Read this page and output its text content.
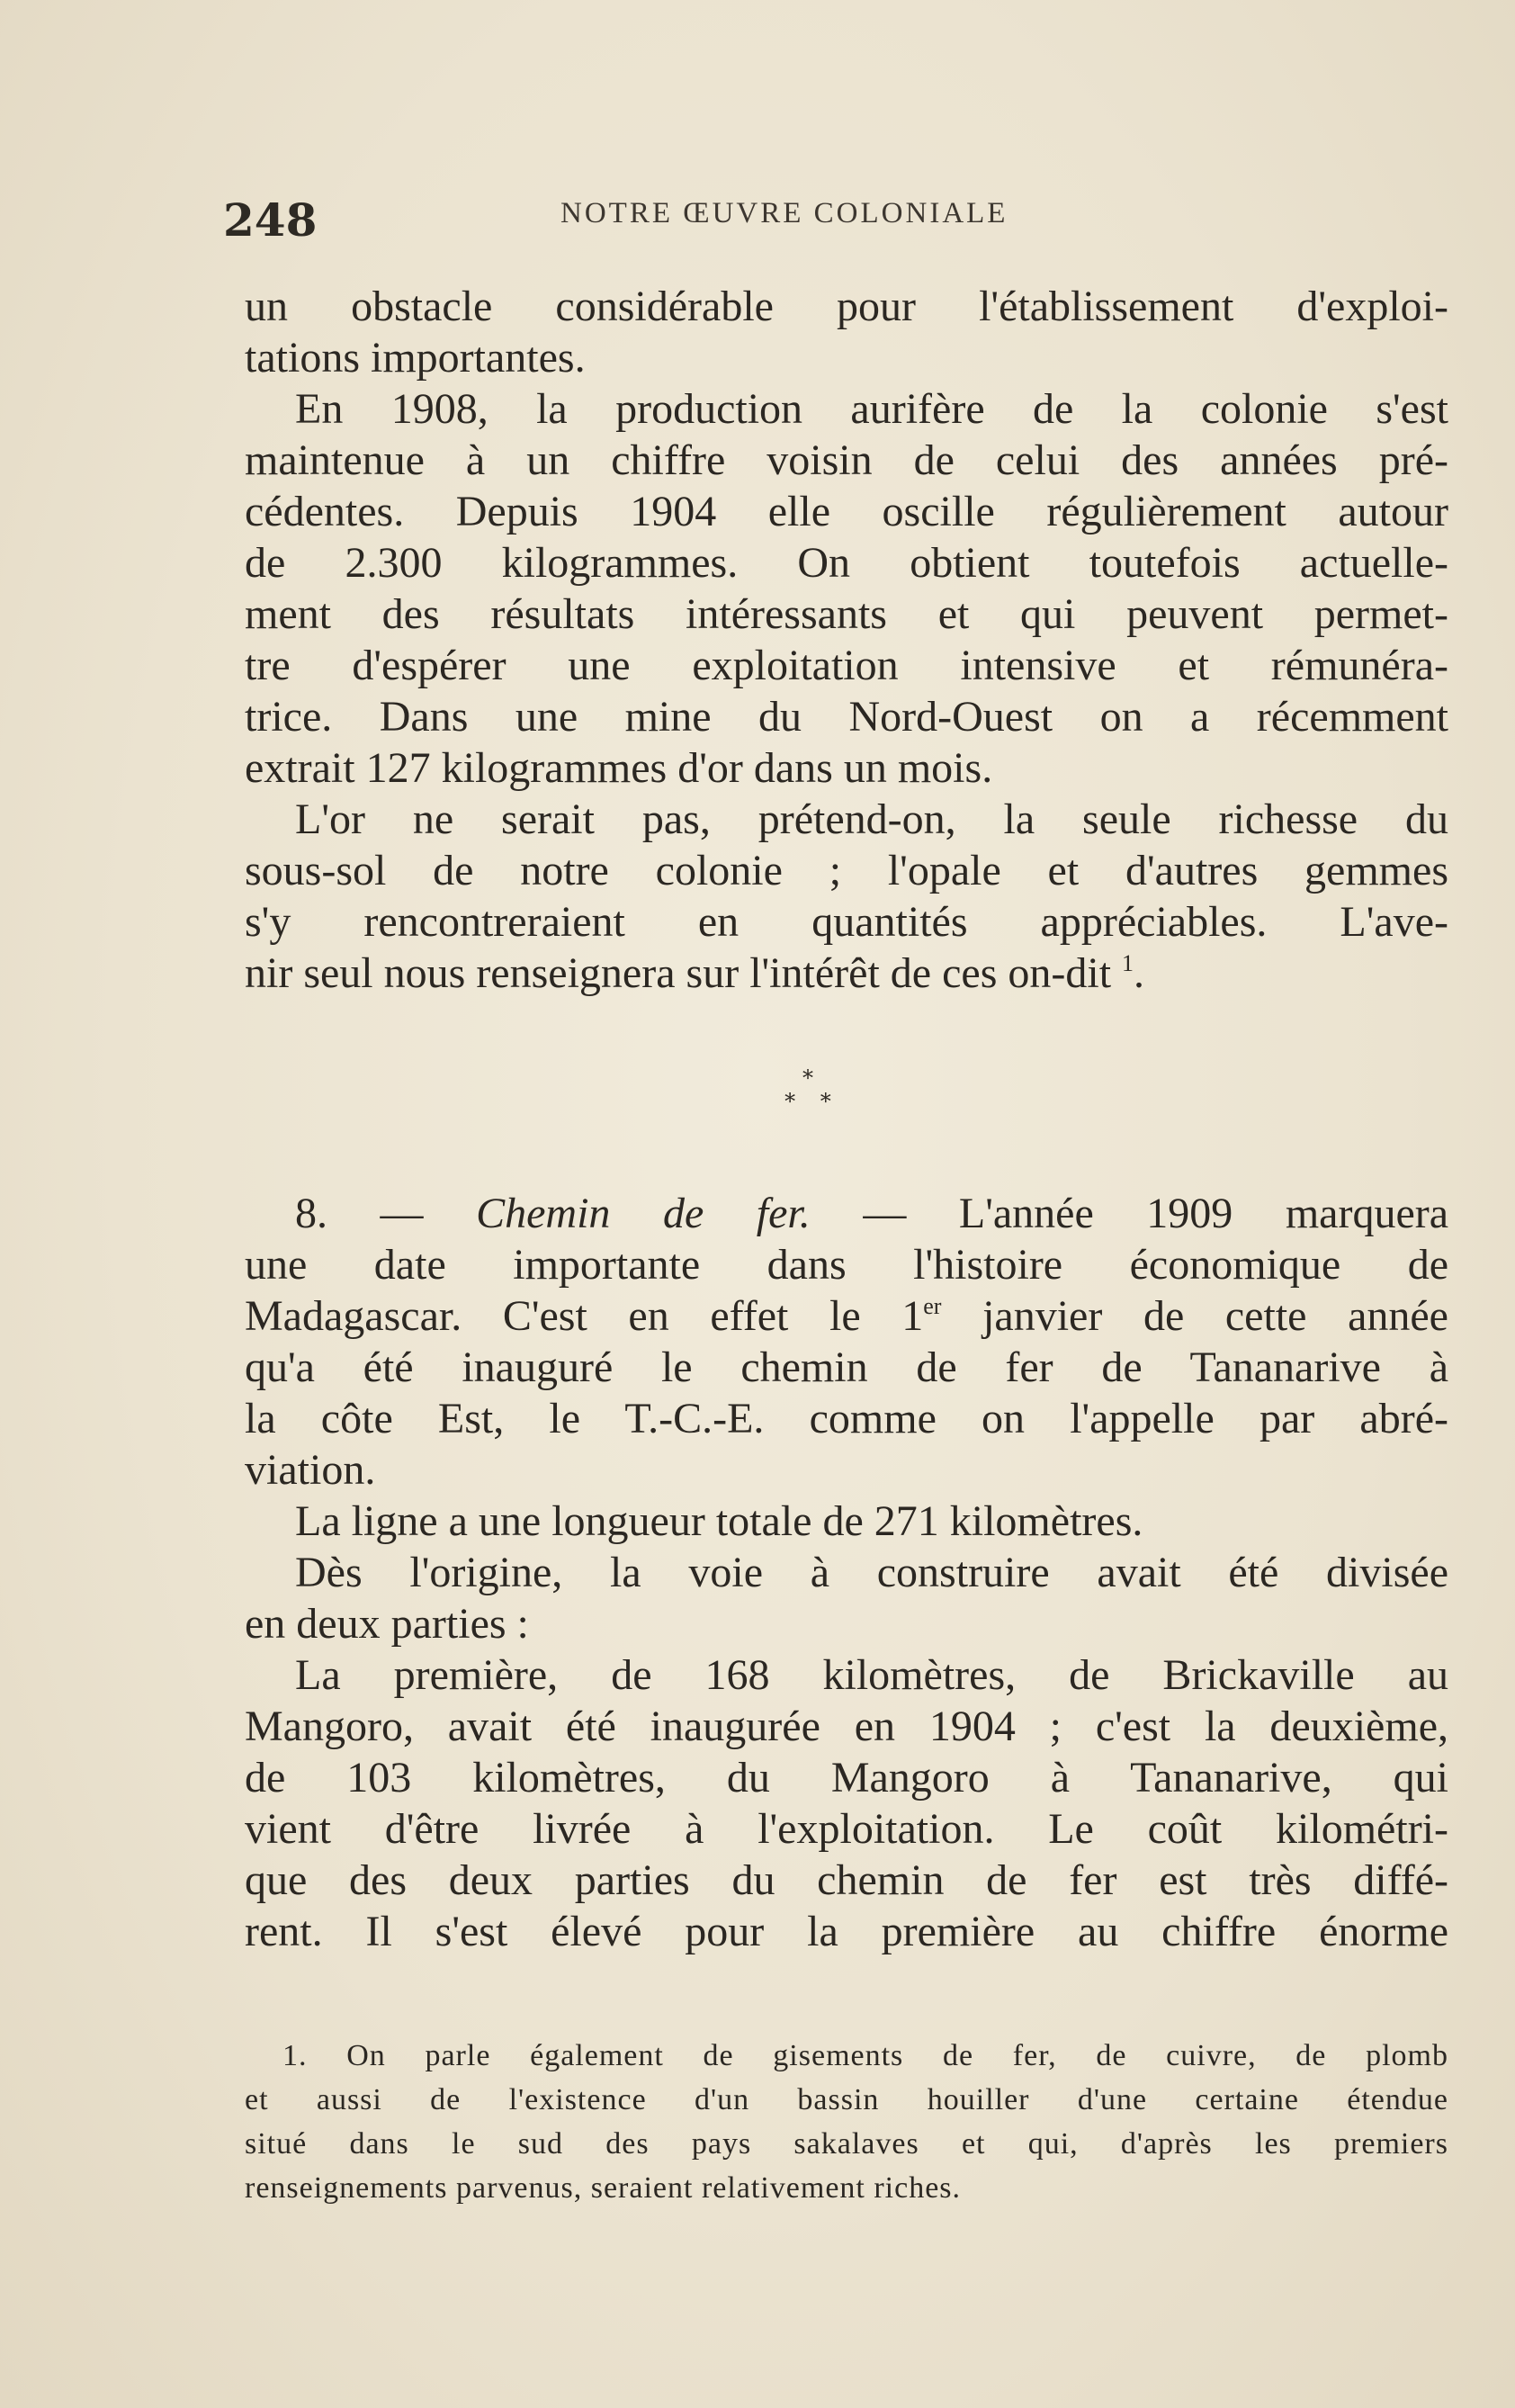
248	NOTRE ŒUVRE COLONIALE
un obstacle considérable pour l'établissement d'exploi-
tations importantes.
En 1908, la production aurifère de la colonie s'est
maintenue à un chiffre voisin de celui des années pré-
cédentes. Depuis 1904 elle oscille régulièrement autour
de 2.300 kilogrammes. On obtient toutefois actuelle-
ment des résultats intéressants et qui peuvent permet-
tre d'espérer une exploitation intensive et rémunéra-
trice. Dans une mine du Nord-Ouest on a récemment
extrait 127 kilogrammes d'or dans un mois.
L'or ne serait pas, prétend-on, la seule richesse du
sous-sol de notre colonie ; l'opale et d'autres gemmes
s'y rencontreraient en quantités appréciables. L'ave-
nir seul nous renseignera sur l'intérêt de ces on-dit $^1$.
*
* *
8. — Chemin de fer. — L'année 1909 marquera
une date importante dans l'histoire économique de
Madagascar. C'est en effet le 1er janvier de cette année
qu'a été inauguré le chemin de fer de Tananarive à
la côte Est, le T.-C.-E. comme on l'appelle par abré-
viation.
La ligne a une longueur totale de 271 kilomètres.
Dès l'origine, la voie à construire avait été divisée
en deux parties :
La première, de 168 kilomètres, de Brickaville au
Mangoro, avait été inaugurée en 1904 ; c'est la deuxième,
de 103 kilomètres, du Mangoro à Tananarive, qui
vient d'être livrée à l'exploitation. Le coût kilométri-
que des deux parties du chemin de fer est très diffé-
rent. Il s'est élevé pour la première au chiffre énorme
1. On parle également de gisements de fer, de cuivre, de plomb
et aussi de l'existence d'un bassin houiller d'une certaine étendue
situé dans le sud des pays sakalaves et qui, d'après les premiers
renseignements parvenus, seraient relativement riches.
